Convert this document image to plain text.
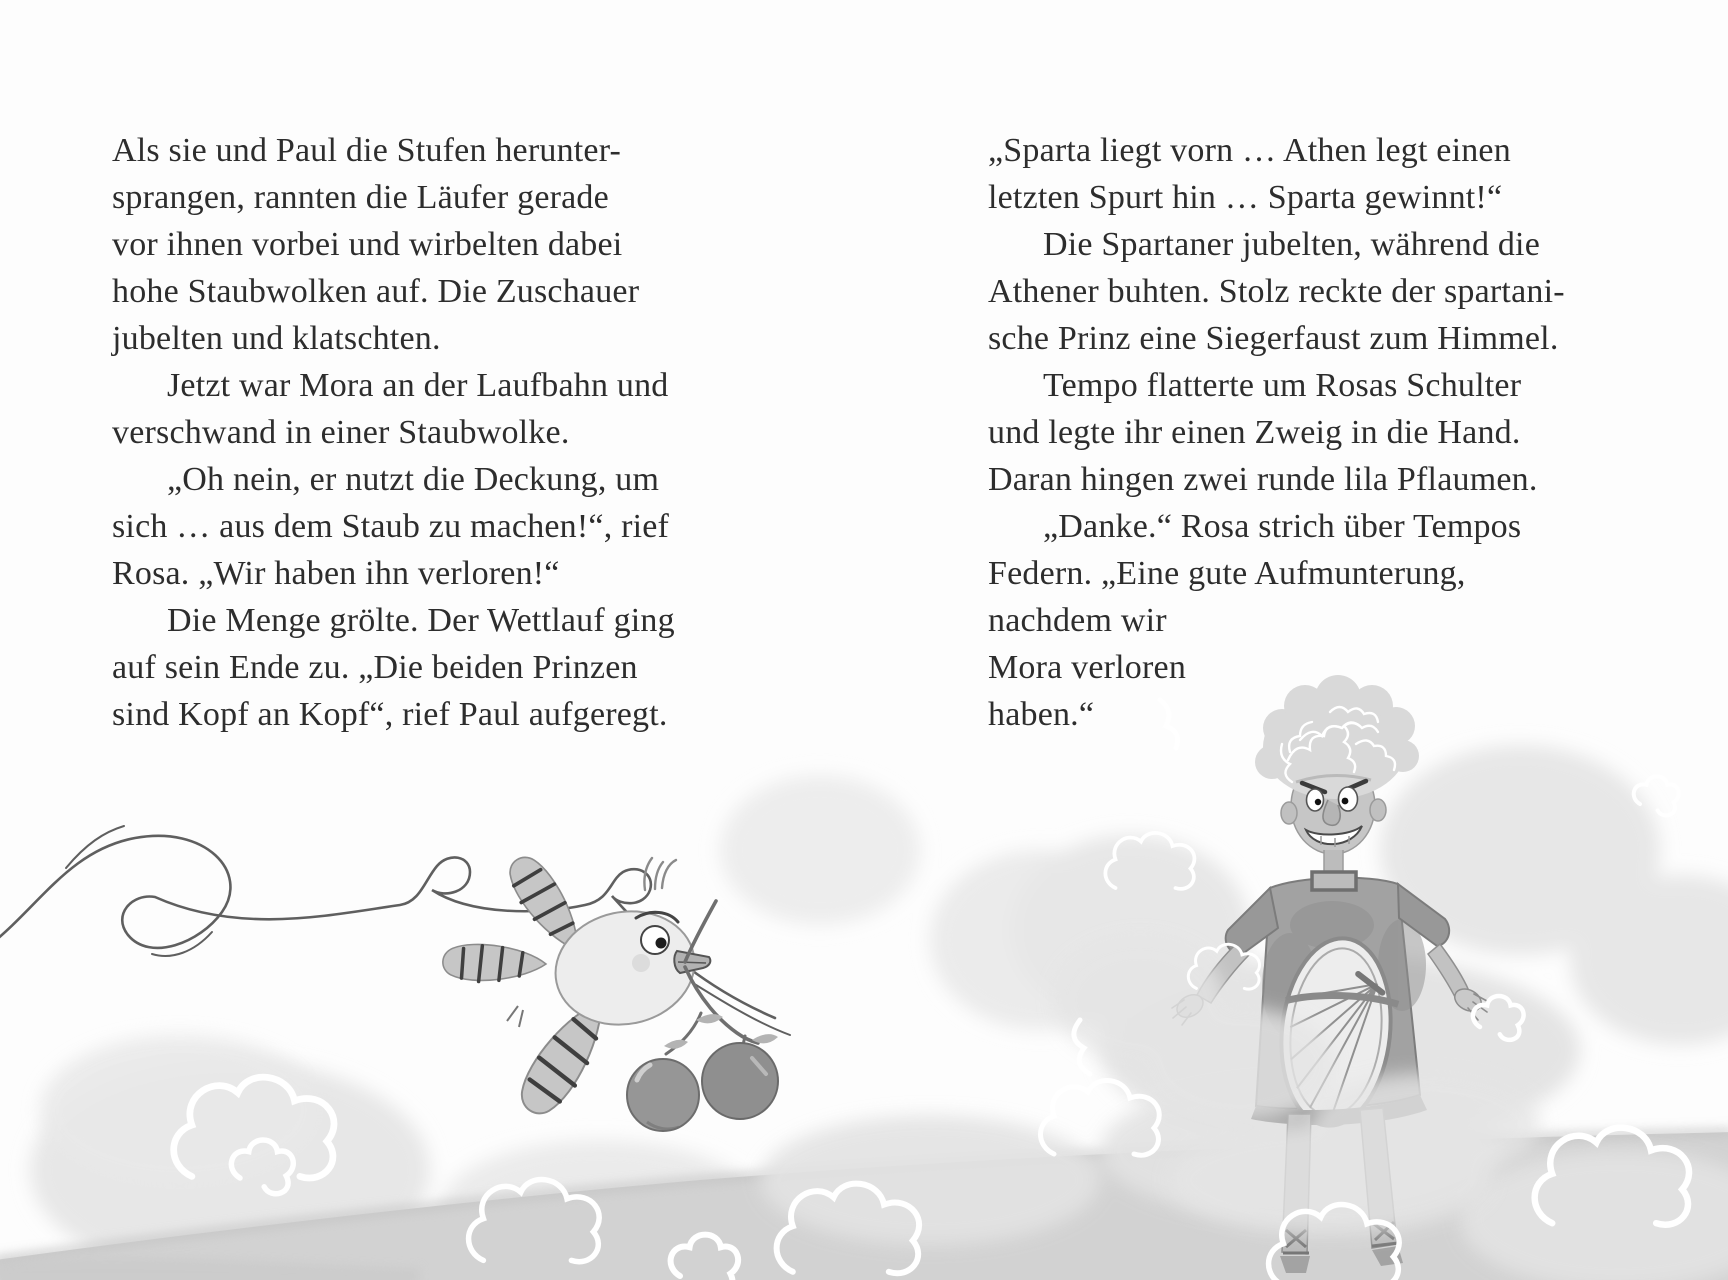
Als sie und Paul die Stufen herunter-
sprangen, rannten die Läufer gerade
vor ihnen vorbei und wirbelten dabei
hohe Staubwolken auf. Die Zuschauer
jubelten und klatschten.
Jetzt war Mora an der Laufbahn und
verschwand in einer Staubwolke.
„Oh nein, er nutzt die Deckung, um
sich … aus dem Staub zu machen!“, rief
Rosa. „Wir haben ihn verloren!“
Die Menge grölte. Der Wettlauf ging
auf sein Ende zu. „Die beiden Prinzen
sind Kopf an Kopf“, rief Paul aufgeregt.
„Sparta liegt vorn … Athen legt einen
letzten Spurt hin … Sparta gewinnt!“
Die Spartaner jubelten, während die
Athener buhten. Stolz reckte der spartani-
sche Prinz eine Siegerfaust zum Himmel.
Tempo flatterte um Rosas Schulter
und legte ihr einen Zweig in die Hand.
Daran hingen zwei runde lila Pflaumen.
„Danke.“ Rosa strich über Tempos
Federn. „Eine gute Aufmunterung,
nachdem wir
Mora verloren
haben.“
